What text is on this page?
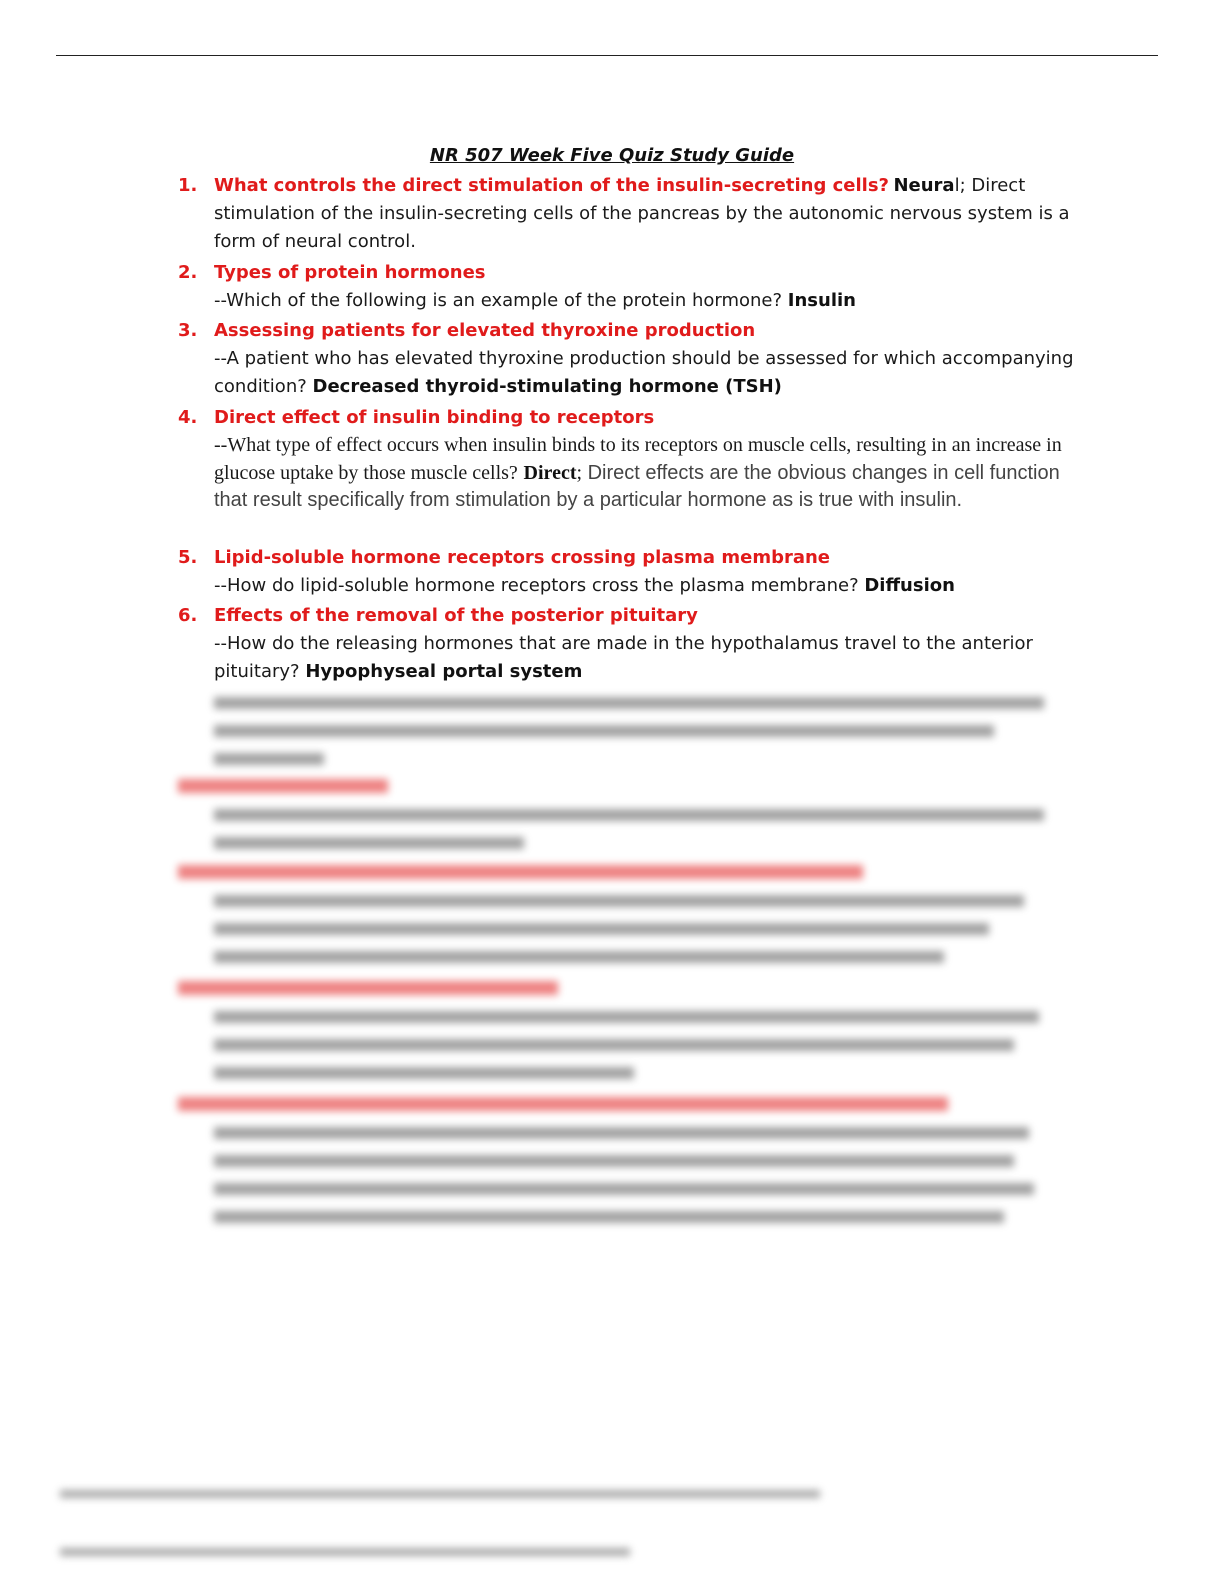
NR 507 Week Five Quiz Study Guide
1. What controls the direct stimulation of the insulin-secreting cells? Neural; Direct stimulation of the insulin-secreting cells of the pancreas by the autonomic nervous system is a form of neural control.
2. Types of protein hormones
--Which of the following is an example of the protein hormone? Insulin
3. Assessing patients for elevated thyroxine production
--A patient who has elevated thyroxine production should be assessed for which accompanying condition? Decreased thyroid-stimulating hormone (TSH)
4. Direct effect of insulin binding to receptors
--What type of effect occurs when insulin binds to its receptors on muscle cells, resulting in an increase in glucose uptake by those muscle cells? Direct; Direct effects are the obvious changes in cell function that result specifically from stimulation by a particular hormone as is true with insulin.
5. Lipid-soluble hormone receptors crossing plasma membrane
--How do lipid-soluble hormone receptors cross the plasma membrane? Diffusion
6. Effects of the removal of the posterior pituitary
--How do the releasing hormones that are made in the hypothalamus travel to the anterior pituitary? Hypophyseal portal system
